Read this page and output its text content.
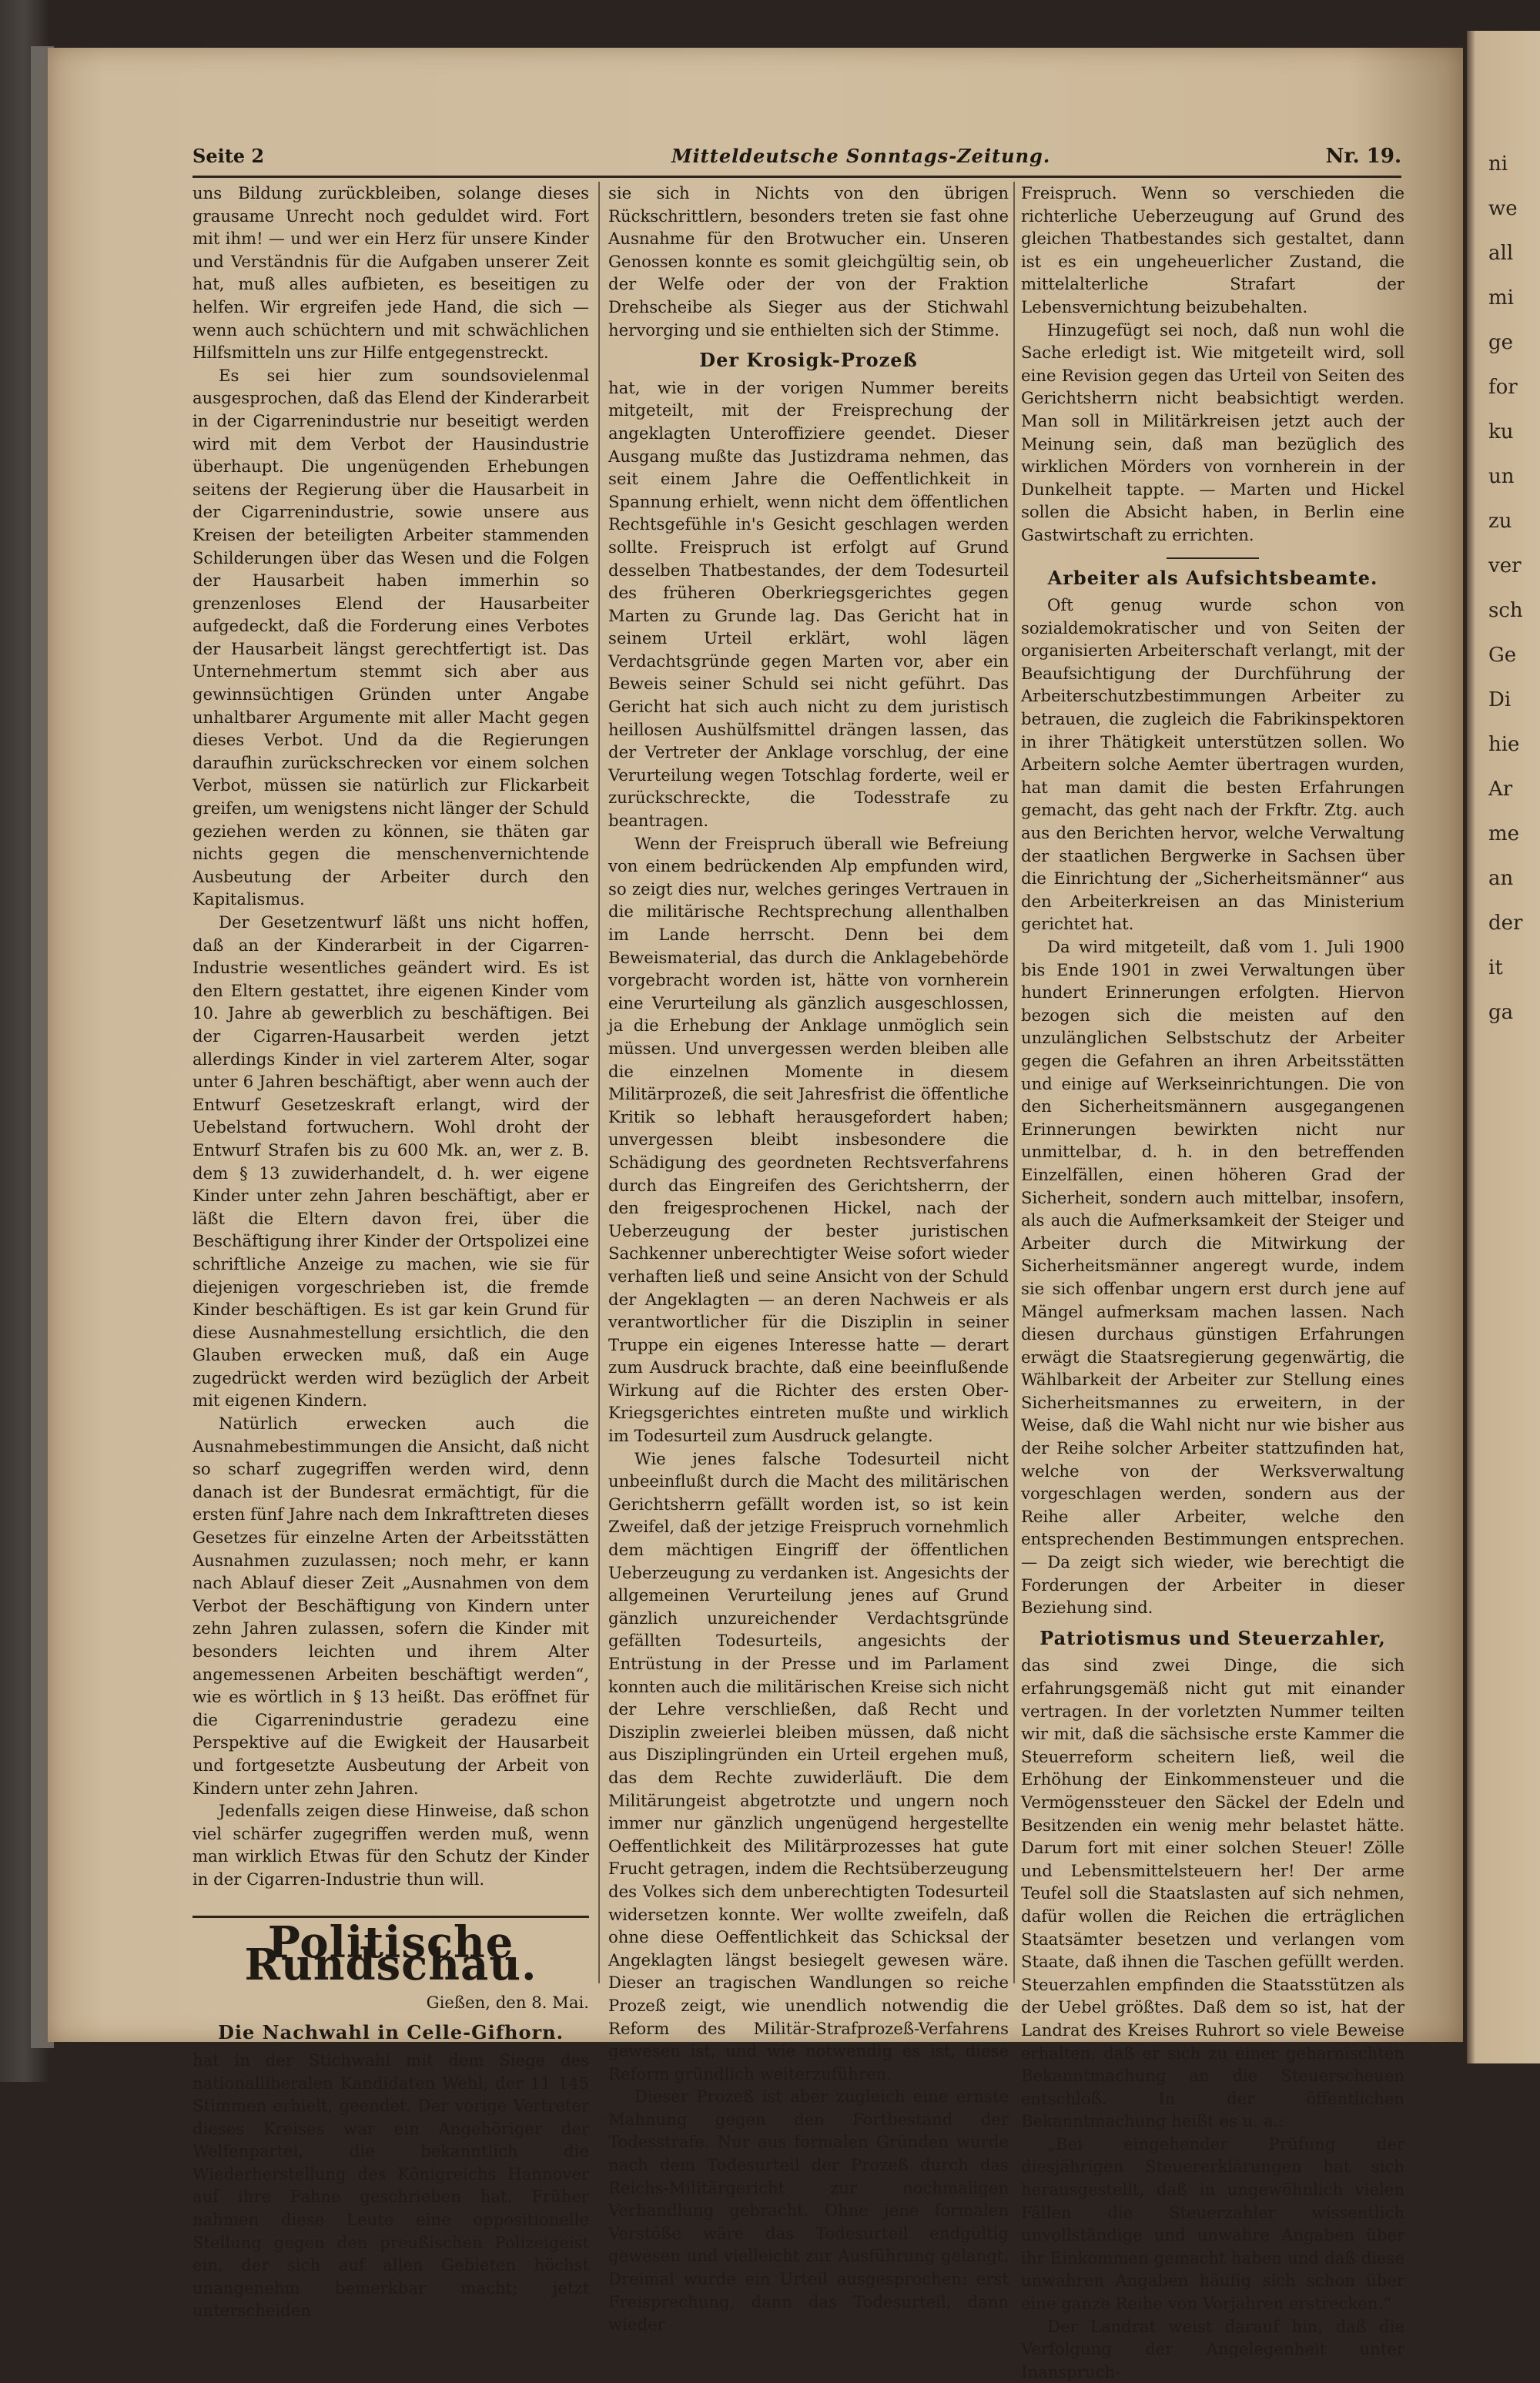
ni
we
all
mi
ge
for
ku
un
zu
ver
sch
Ge
Di
hie
Ar
me
an
der
it
ga
Seite 2	Mitteldeutsche Sonntags-Zeitung.	Nr. 19.

uns Bildung zurückbleiben, solange dieses grausame Unrecht noch geduldet wird. Fort mit ihm! — und wer ein Herz für unsere Kinder und Verständnis für die Aufgaben unserer Zeit hat, muß alles aufbieten, es beseitigen zu helfen. Wir ergreifen jede Hand, die sich — wenn auch schüchtern und mit schwächlichen Hilfsmitteln uns zur Hilfe entgegenstreckt.

Es sei hier zum soundsovielenmal ausgesprochen, daß das Elend der Kinderarbeit in der Cigarrenindustrie nur beseitigt werden wird mit dem Verbot der Hausindustrie überhaupt. Die ungenügenden Erhebungen seitens der Regierung über die Hausarbeit in der Cigarrenindustrie, sowie unsere aus Kreisen der beteiligten Arbeiter stammenden Schilderungen über das Wesen und die Folgen der Hausarbeit haben immerhin so grenzenloses Elend der Hausarbeiter aufgedeckt, daß die Forderung eines Verbotes der Hausarbeit längst gerechtfertigt ist. Das Unternehmertum stemmt sich aber aus gewinnsüchtigen Gründen unter Angabe unhaltbarer Argumente mit aller Macht gegen dieses Verbot. Und da die Regierungen daraufhin zurückschrecken vor einem solchen Verbot, müssen sie natürlich zur Flickarbeit greifen, um wenigstens nicht länger der Schuld geziehen werden zu können, sie thäten gar nichts gegen die menschenvernichtende Ausbeutung der Arbeiter durch den Kapitalismus.

Der Gesetzentwurf läßt uns nicht hoffen, daß an der Kinderarbeit in der Cigarren-Industrie wesentliches geändert wird. Es ist den Eltern gestattet, ihre eigenen Kinder vom 10. Jahre ab gewerblich zu beschäftigen. Bei der Cigarren-Hausarbeit werden jetzt allerdings Kinder in viel zarterem Alter, sogar unter 6 Jahren beschäftigt, aber wenn auch der Entwurf Gesetzeskraft erlangt, wird der Uebelstand fortwuchern. Wohl droht der Entwurf Strafen bis zu 600 Mk. an, wer z. B. dem § 13 zuwiderhandelt, d. h. wer eigene Kinder unter zehn Jahren beschäftigt, aber er läßt die Eltern davon frei, über die Beschäftigung ihrer Kinder der Ortspolizei eine schriftliche Anzeige zu machen, wie sie für diejenigen vorgeschrieben ist, die fremde Kinder beschäftigen. Es ist gar kein Grund für diese Ausnahmestellung ersichtlich, die den Glauben erwecken muß, daß ein Auge zugedrückt werden wird bezüglich der Arbeit mit eigenen Kindern.

Natürlich erwecken auch die Ausnahmebestimmungen die Ansicht, daß nicht so scharf zugegriffen werden wird, denn danach ist der Bundesrat ermächtigt, für die ersten fünf Jahre nach dem Inkrafttreten dieses Gesetzes für einzelne Arten der Arbeitsstätten Ausnahmen zuzulassen; noch mehr, er kann nach Ablauf dieser Zeit „Ausnahmen von dem Verbot der Beschäftigung von Kindern unter zehn Jahren zulassen, sofern die Kinder mit besonders leichten und ihrem Alter angemessenen Arbeiten beschäftigt werden“, wie es wörtlich in § 13 heißt. Das eröffnet für die Cigarrenindustrie geradezu eine Perspektive auf die Ewigkeit der Hausarbeit und fortgesetzte Ausbeutung der Arbeit von Kindern unter zehn Jahren.

Jedenfalls zeigen diese Hinweise, daß schon viel schärfer zugegriffen werden muß, wenn man wirklich Etwas für den Schutz der Kinder in der Cigarren-Industrie thun will.

Politische Rundschau.

Gießen, den 8. Mai.

Die Nachwahl in Celle-Gifhorn.

hat in der Stichwahl mit dem Siege des nationalliberalen Kandidaten Wehl, der 11 145 Stimmen erhielt, geendet. Der vorige Vertreter dieses Kreises war ein Angehöriger der Welfenpartei, die bekanntlich die Wiederherstellung des Königreichs Hannover auf ihre Fahne geschrieben hat. Früher nahmen diese Leute eine oppositionelle Stellung gegen den preußischen Polizeigeist ein, der sich auf allen Gebieten höchst unangenehm bemerkbar macht; jetzt unterscheiden

sie sich in Nichts von den übrigen Rückschrittlern, besonders treten sie fast ohne Ausnahme für den Brotwucher ein. Unseren Genossen konnte es somit gleichgültig sein, ob der Welfe oder der von der Fraktion Drehscheibe als Sieger aus der Stichwahl hervorging und sie enthielten sich der Stimme.

Der Krosigk-Prozeß

hat, wie in der vorigen Nummer bereits mitgeteilt, mit der Freisprechung der angeklagten Unteroffiziere geendet. Dieser Ausgang mußte das Justizdrama nehmen, das seit einem Jahre die Oeffentlichkeit in Spannung erhielt, wenn nicht dem öffentlichen Rechtsgefühle in's Gesicht geschlagen werden sollte. Freispruch ist erfolgt auf Grund desselben Thatbestandes, der dem Todesurteil des früheren Oberkriegsgerichtes gegen Marten zu Grunde lag. Das Gericht hat in seinem Urteil erklärt, wohl lägen Verdachtsgründe gegen Marten vor, aber ein Beweis seiner Schuld sei nicht geführt. Das Gericht hat sich auch nicht zu dem juristisch heillosen Aushülfsmittel drängen lassen, das der Vertreter der Anklage vorschlug, der eine Verurteilung wegen Totschlag forderte, weil er zurückschreckte, die Todesstrafe zu beantragen.

Wenn der Freispruch überall wie Befreiung von einem bedrückenden Alp empfunden wird, so zeigt dies nur, welches geringes Vertrauen in die militärische Rechtsprechung allenthalben im Lande herrscht. Denn bei dem Beweismaterial, das durch die Anklagebehörde vorgebracht worden ist, hätte von vornherein eine Verurteilung als gänzlich ausgeschlossen, ja die Erhebung der Anklage unmöglich sein müssen. Und unvergessen werden bleiben alle die einzelnen Momente in diesem Militärprozeß, die seit Jahresfrist die öffentliche Kritik so lebhaft herausgefordert haben; unvergessen bleibt insbesondere die Schädigung des geordneten Rechtsverfahrens durch das Eingreifen des Gerichtsherrn, der den freigesprochenen Hickel, nach der Ueberzeugung der bester juristischen Sachkenner unberechtigter Weise sofort wieder verhaften ließ und seine Ansicht von der Schuld der Angeklagten — an deren Nachweis er als verantwortlicher für die Disziplin in seiner Truppe ein eigenes Interesse hatte — derart zum Ausdruck brachte, daß eine beeinflußende Wirkung auf die Richter des ersten Ober-Kriegsgerichtes eintreten mußte und wirklich im Todesurteil zum Ausdruck gelangte.

Wie jenes falsche Todesurteil nicht unbeeinflußt durch die Macht des militärischen Gerichtsherrn gefällt worden ist, so ist kein Zweifel, daß der jetzige Freispruch vornehmlich dem mächtigen Eingriff der öffentlichen Ueberzeugung zu verdanken ist. Angesichts der allgemeinen Verurteilung jenes auf Grund gänzlich unzureichender Verdachtsgründe gefällten Todesurteils, angesichts der Entrüstung in der Presse und im Parlament konnten auch die militärischen Kreise sich nicht der Lehre verschließen, daß Recht und Disziplin zweierlei bleiben müssen, daß nicht aus Disziplingründen ein Urteil ergehen muß, das dem Rechte zuwiderläuft. Die dem Militärungeist abgetrotzte und ungern noch immer nur gänzlich ungenügend hergestellte Oeffentlichkeit des Militärprozesses hat gute Frucht getragen, indem die Rechtsüberzeugung des Volkes sich dem unberechtigten Todesurteil widersetzen konnte. Wer wollte zweifeln, daß ohne diese Oeffentlichkeit das Schicksal der Angeklagten längst besiegelt gewesen wäre. Dieser an tragischen Wandlungen so reiche Prozeß zeigt, wie unendlich notwendig die Reform des Militär-Strafprozeß-Verfahrens gewesen ist, und wie notwendig es ist, diese Reform gründlich weiterzuführen.

Dieser Prozeß ist aber zugleich eine ernste Mahnung gegen den Fortbestand der Todesstrafe. Nur aus formalen Gründen wurde nach dem Todesurteil der Prozeß durch das Reichs-Militärgericht zur nochmaligen Verhandlung gebracht. Ohne jene formalen Verstöße wäre das Todesurteil endgültig gewesen und vielleicht zur Ausführung gelangt. Dreimal wurde ein Urteil ausgesprochen: erst Freisprechung, dann das Todesurteil, dann wieder

Freispruch. Wenn so verschieden die richterliche Ueberzeugung auf Grund des gleichen Thatbestandes sich gestaltet, dann ist es ein ungeheuerlicher Zustand, die mittelalterliche Strafart der Lebensvernichtung beizubehalten.

Hinzugefügt sei noch, daß nun wohl die Sache erledigt ist. Wie mitgeteilt wird, soll eine Revision gegen das Urteil von Seiten des Gerichtsherrn nicht beabsichtigt werden. Man soll in Militärkreisen jetzt auch der Meinung sein, daß man bezüglich des wirklichen Mörders von vornherein in der Dunkelheit tappte. — Marten und Hickel sollen die Absicht haben, in Berlin eine Gastwirtschaft zu errichten.

Arbeiter als Aufsichtsbeamte.

Oft genug wurde schon von sozialdemokratischer und von Seiten der organisierten Arbeiterschaft verlangt, mit der Beaufsichtigung der Durchführung der Arbeiterschutzbestimmungen Arbeiter zu betrauen, die zugleich die Fabrikinspektoren in ihrer Thätigkeit unterstützen sollen. Wo Arbeitern solche Aemter übertragen wurden, hat man damit die besten Erfahrungen gemacht, das geht nach der Frkftr. Ztg. auch aus den Berichten hervor, welche Verwaltung der staatlichen Bergwerke in Sachsen über die Einrichtung der „Sicherheitsmänner“ aus den Arbeiterkreisen an das Ministerium gerichtet hat.

Da wird mitgeteilt, daß vom 1. Juli 1900 bis Ende 1901 in zwei Verwaltungen über hundert Erinnerungen erfolgten. Hiervon bezogen sich die meisten auf den unzulänglichen Selbstschutz der Arbeiter gegen die Gefahren an ihren Arbeitsstätten und einige auf Werkseinrichtungen. Die von den Sicherheitsmännern ausgegangenen Erinnerungen bewirkten nicht nur unmittelbar, d. h. in den betreffenden Einzelfällen, einen höheren Grad der Sicherheit, sondern auch mittelbar, insofern, als auch die Aufmerksamkeit der Steiger und Arbeiter durch die Mitwirkung der Sicherheitsmänner angeregt wurde, indem sie sich offenbar ungern erst durch jene auf Mängel aufmerksam machen lassen. Nach diesen durchaus günstigen Erfahrungen erwägt die Staatsregierung gegenwärtig, die Wählbarkeit der Arbeiter zur Stellung eines Sicherheitsmannes zu erweitern, in der Weise, daß die Wahl nicht nur wie bisher aus der Reihe solcher Arbeiter stattzufinden hat, welche von der Werksverwaltung vorgeschlagen werden, sondern aus der Reihe aller Arbeiter, welche den entsprechenden Bestimmungen entsprechen. — Da zeigt sich wieder, wie berechtigt die Forderungen der Arbeiter in dieser Beziehung sind.

Patriotismus und Steuerzahler,

das sind zwei Dinge, die sich erfahrungsgemäß nicht gut mit einander vertragen. In der vorletzten Nummer teilten wir mit, daß die sächsische erste Kammer die Steuerreform scheitern ließ, weil die Erhöhung der Einkommensteuer und die Vermögenssteuer den Säckel der Edeln und Besitzenden ein wenig mehr belastet hätte. Darum fort mit einer solchen Steuer! Zölle und Lebensmittelsteuern her! Der arme Teufel soll die Staatslasten auf sich nehmen, dafür wollen die Reichen die erträglichen Staatsämter besetzen und verlangen vom Staate, daß ihnen die Taschen gefüllt werden. Steuerzahlen empfinden die Staatsstützen als der Uebel größtes. Daß dem so ist, hat der Landrat des Kreises Ruhrort so viele Beweise erhalten, daß er sich zu einer geharnischten Bekanntmachung an die Steuerscheuen entschloß. In der öffentlichen Bekanntmachung heißt es u. a.:

„Bei eingehender Prüfung der diesjährigen Steuererklärungen hat sich herausgestellt, daß in ungewöhnlich vielen Fällen die Steuerzahler wissentlich unvollständige und unwahre Angaben über ihr Einkommen gemacht haben und daß diese unwahren Angaben häufig sich schon über eine ganze Reihe von Vorjahren erstrecken.“

Der Landrat weist darauf hin, daß die Verfolgung der Angelegenheit unter Inanspruch-
